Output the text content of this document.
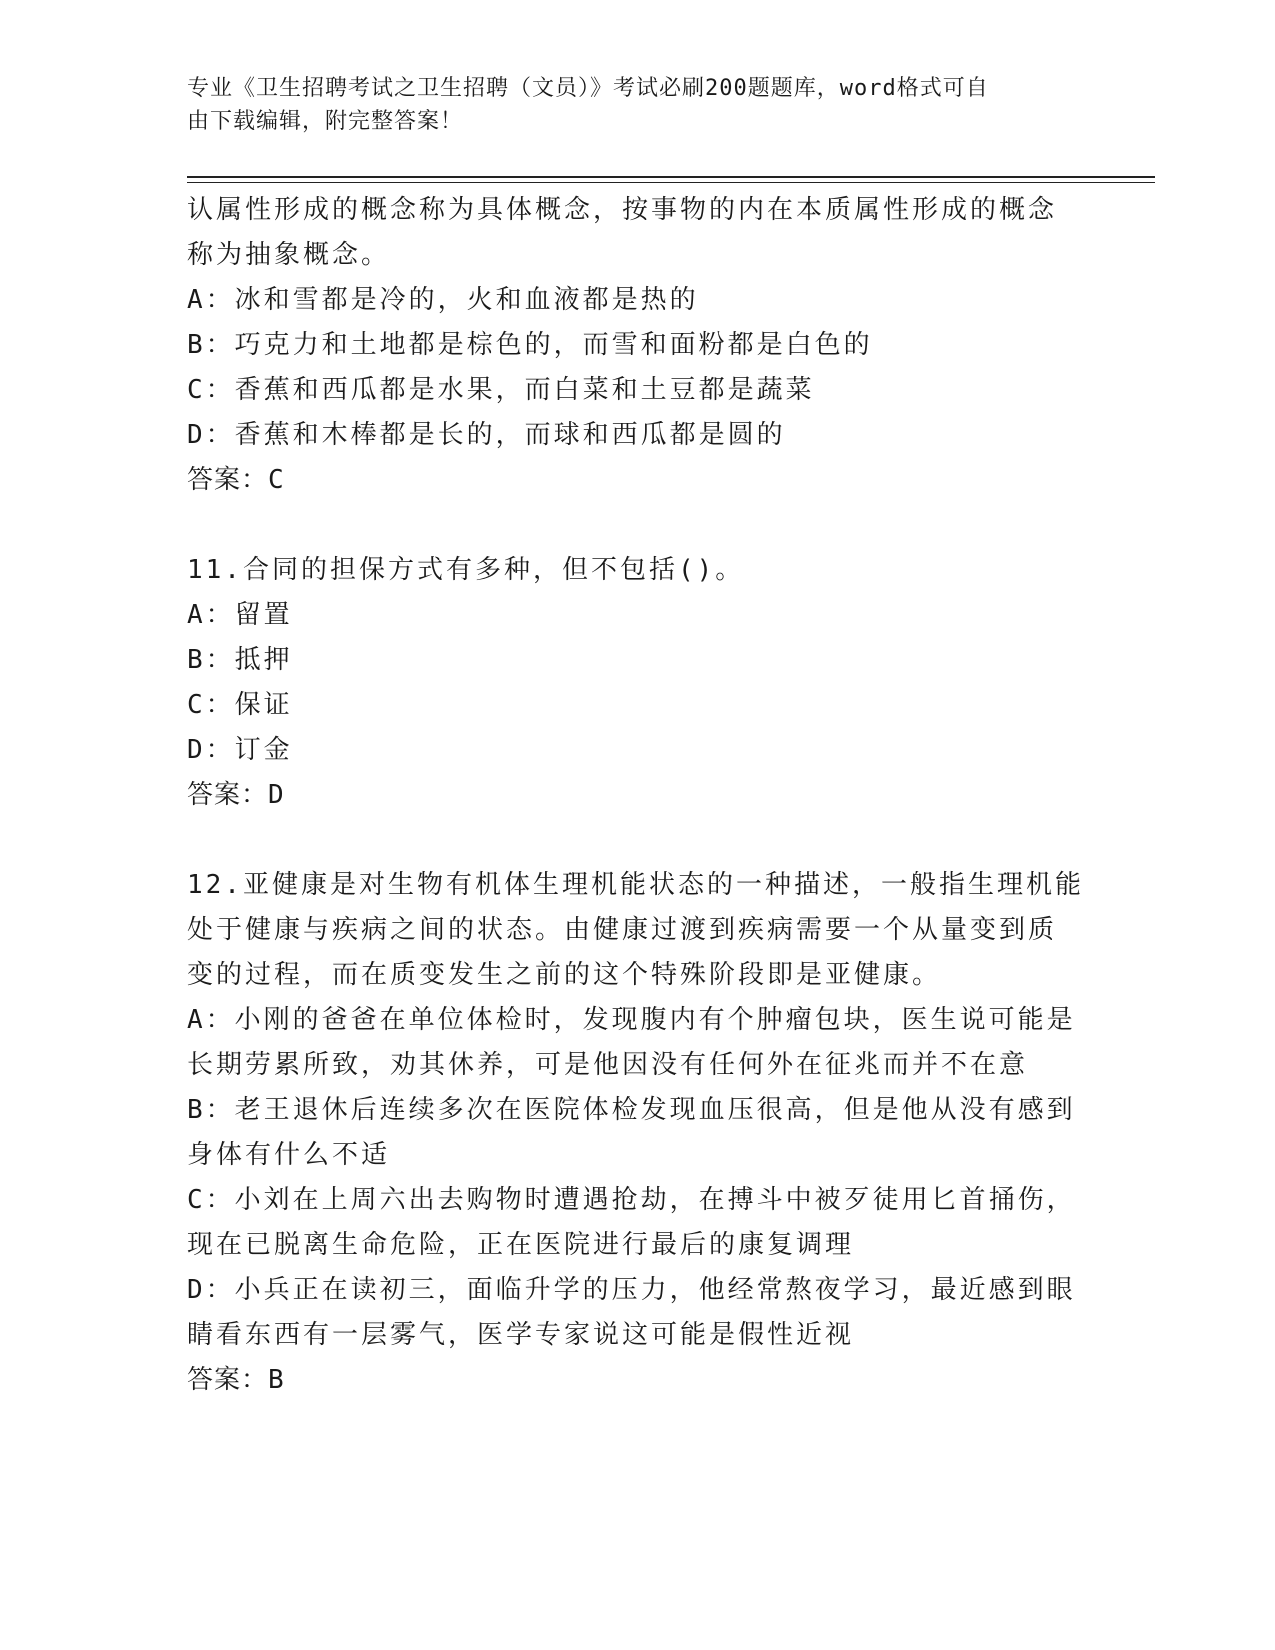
专业《卫生招聘考试之卫生招聘（文员）》考试必刷200题题库，word格式可自
由下载编辑，附完整答案！
认属性形成的概念称为具体概念，按事物的内在本质属性形成的概念
称为抽象概念。
A：冰和雪都是冷的，火和血液都是热的
B：巧克力和土地都是棕色的，而雪和面粉都是白色的
C：香蕉和西瓜都是水果，而白菜和土豆都是蔬菜
D：香蕉和木棒都是长的，而球和西瓜都是圆的
答案：C
11.合同的担保方式有多种，但不包括()。
A：留置
B：抵押
C：保证
D：订金
答案：D
12.亚健康是对生物有机体生理机能状态的一种描述，一般指生理机能
处于健康与疾病之间的状态。由健康过渡到疾病需要一个从量变到质
变的过程，而在质变发生之前的这个特殊阶段即是亚健康。
A：小刚的爸爸在单位体检时，发现腹内有个肿瘤包块，医生说可能是
长期劳累所致，劝其休养，可是他因没有任何外在征兆而并不在意
B：老王退休后连续多次在医院体检发现血压很高，但是他从没有感到
身体有什么不适
C：小刘在上周六出去购物时遭遇抢劫，在搏斗中被歹徒用匕首捅伤，
现在已脱离生命危险，正在医院进行最后的康复调理
D：小兵正在读初三，面临升学的压力，他经常熬夜学习，最近感到眼
睛看东西有一层雾气，医学专家说这可能是假性近视
答案：B
